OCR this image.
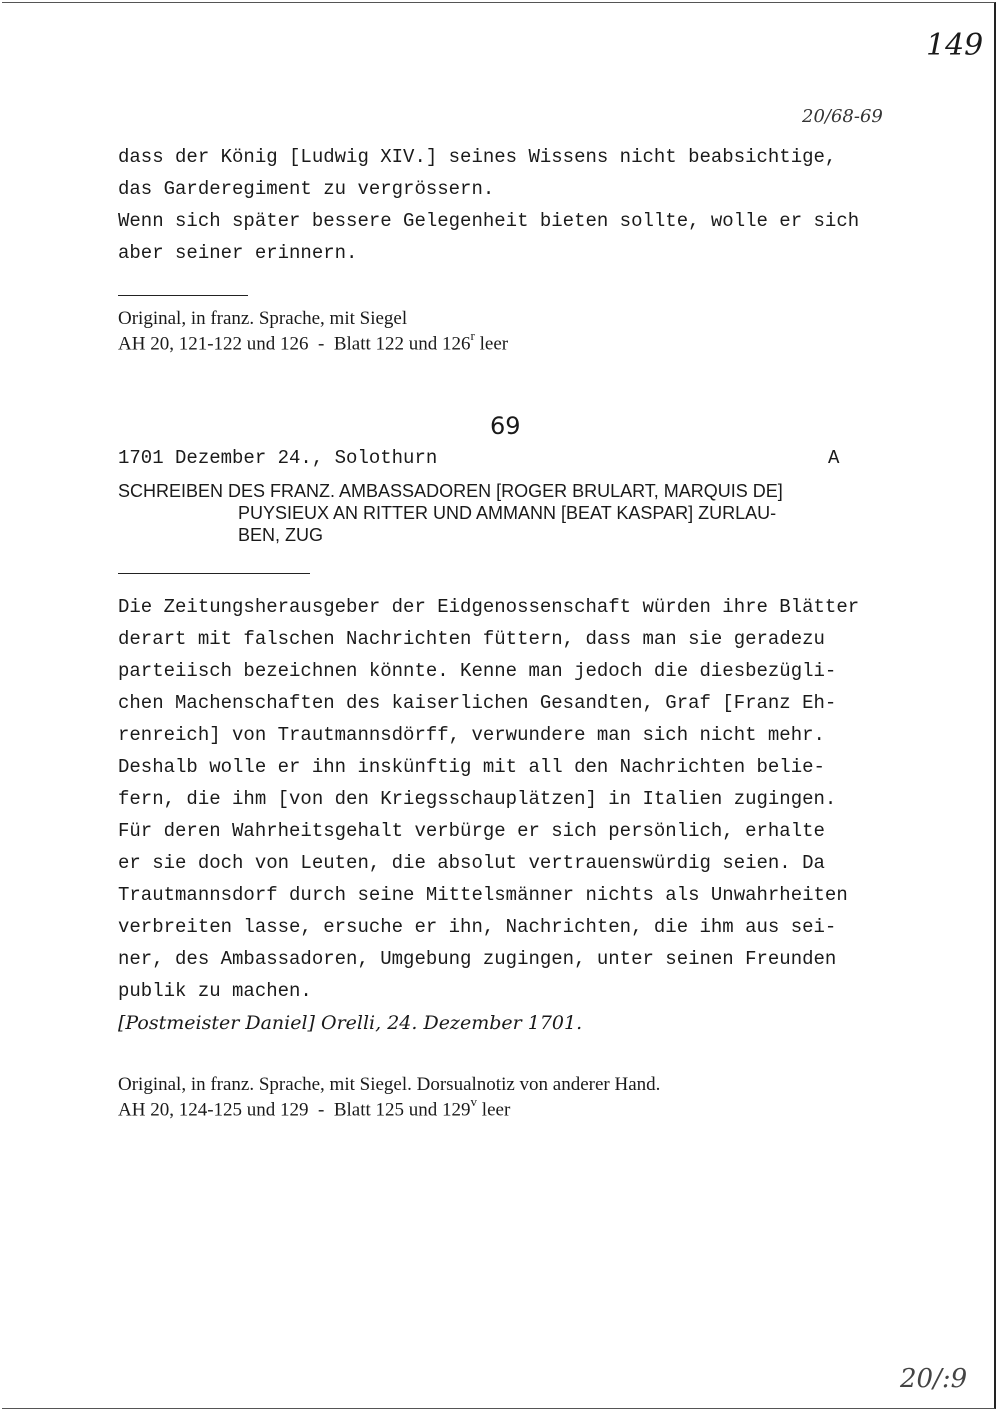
149
20/68-69
dass der König [Ludwig XIV.] seines Wissens nicht beabsichtige,
das Garderegiment zu vergrössern.
Wenn sich später bessere Gelegenheit bieten sollte, wolle er sich
aber seiner erinnern.
Original, in franz. Sprache, mit Siegel
AH 20, 121-122 und 126  -  Blatt 122 und 126$^r$ leer
69
1701 Dezember 24., Solothurn	A
SCHREIBEN DES FRANZ. AMBASSADOREN [ROGER BRULART, MARQUIS DE]
PUYSIEUX AN RITTER UND AMMANN [BEAT KASPAR] ZURLAU-
BEN, ZUG
Die Zeitungsherausgeber der Eidgenossenschaft würden ihre Blätter
derart mit falschen Nachrichten füttern, dass man sie geradezu
parteiisch bezeichnen könnte. Kenne man jedoch die diesbezügli-
chen Machenschaften des kaiserlichen Gesandten, Graf [Franz Eh-
renreich] von Trautmannsdörff, verwundere man sich nicht mehr.
Deshalb wolle er ihn inskünftig mit all den Nachrichten belie-
fern, die ihm [von den Kriegsschauplätzen] in Italien zugingen.
Für deren Wahrheitsgehalt verbürge er sich persönlich, erhalte
er sie doch von Leuten, die absolut vertrauenswürdig seien. Da
Trautmannsdorf durch seine Mittelsmänner nichts als Unwahrheiten
verbreiten lasse, ersuche er ihn, Nachrichten, die ihm aus sei-
ner, des Ambassadoren, Umgebung zugingen, unter seinen Freunden
publik zu machen.
[Postmeister Daniel] Orelli, 24. Dezember 1701.
Original, in franz. Sprache, mit Siegel. Dorsualnotiz von anderer Hand.
AH 20, 124-125 und 129  -  Blatt 125 und 129$^v$ leer
20/:9
